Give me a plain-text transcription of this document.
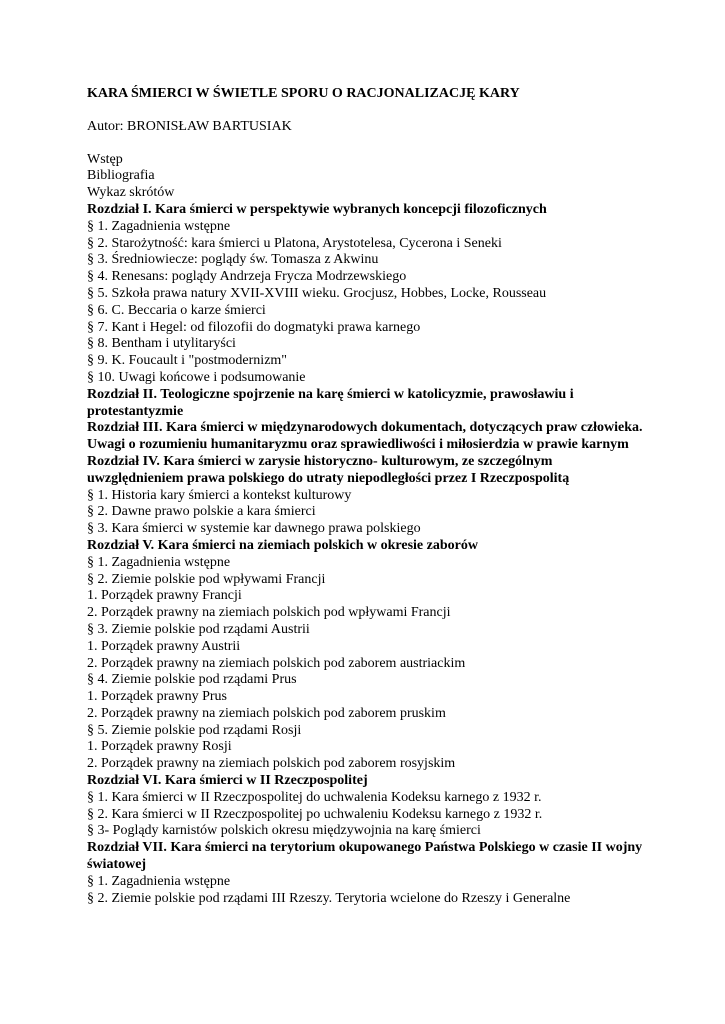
KARA ŚMIERCI W ŚWIETLE SPORU O RACJONALIZACJĘ KARY

Autor: BRONISŁAW BARTUSIAK

Wstęp
Bibliografia
Wykaz skrótów
Rozdział I. Kara śmierci w perspektywie wybranych koncepcji filozoficznych
§ 1. Zagadnienia wstępne
§ 2. Starożytność: kara śmierci u Platona, Arystotelesa, Cycerona i Seneki
§ 3. Średniowiecze: poglądy św. Tomasza z Akwinu
§ 4. Renesans: poglądy Andrzeja Frycza Modrzewskiego
§ 5. Szkoła prawa natury XVII-XVIII wieku. Grocjusz, Hobbes, Locke, Rousseau
§ 6. C. Beccaria o karze śmierci
§ 7. Kant i Hegel: od filozofii do dogmatyki prawa karnego
§ 8. Bentham i utylitaryści
§ 9. K. Foucault i "postmodernizm"
§ 10. Uwagi końcowe i podsumowanie
Rozdział II. Teologiczne spojrzenie na karę śmierci w katolicyzmie, prawosławiu i protestantyzmie
Rozdział III. Kara śmierci w międzynarodowych dokumentach, dotyczących praw człowieka. Uwagi o rozumieniu humanitaryzmu oraz sprawiedliwości i miłosierdzia w prawie karnym
Rozdział IV. Kara śmierci w zarysie historyczno- kulturowym, ze szczególnym uwzględnieniem prawa polskiego do utraty niepodległości przez I Rzeczpospolitą
§ 1. Historia kary śmierci a kontekst kulturowy
§ 2. Dawne prawo polskie a kara śmierci
§ 3. Kara śmierci w systemie kar dawnego prawa polskiego
Rozdział V. Kara śmierci na ziemiach polskich w okresie zaborów
§ 1. Zagadnienia wstępne
§ 2. Ziemie polskie pod wpływami Francji
1. Porządek prawny Francji
2. Porządek prawny na ziemiach polskich pod wpływami Francji
§ 3. Ziemie polskie pod rządami Austrii
1. Porządek prawny Austrii
2. Porządek prawny na ziemiach polskich pod zaborem austriackim
§ 4. Ziemie polskie pod rządami Prus
1. Porządek prawny Prus
2. Porządek prawny na ziemiach polskich pod zaborem pruskim
§ 5. Ziemie polskie pod rządami Rosji
1. Porządek prawny Rosji
2. Porządek prawny na ziemiach polskich pod zaborem rosyjskim
Rozdział VI. Kara śmierci w II Rzeczpospolitej
§ 1. Kara śmierci w II Rzeczpospolitej do uchwalenia Kodeksu karnego z 1932 r.
§ 2. Kara śmierci w II Rzeczpospolitej po uchwaleniu Kodeksu karnego z 1932 r.
§ 3- Poglądy karnistów polskich okresu międzywojnia na karę śmierci
Rozdział VII. Kara śmierci na terytorium okupowanego Państwa Polskiego w czasie II wojny światowej
§ 1. Zagadnienia wstępne
§ 2. Ziemie polskie pod rządami III Rzeszy. Terytoria wcielone do Rzeszy i Generalne
